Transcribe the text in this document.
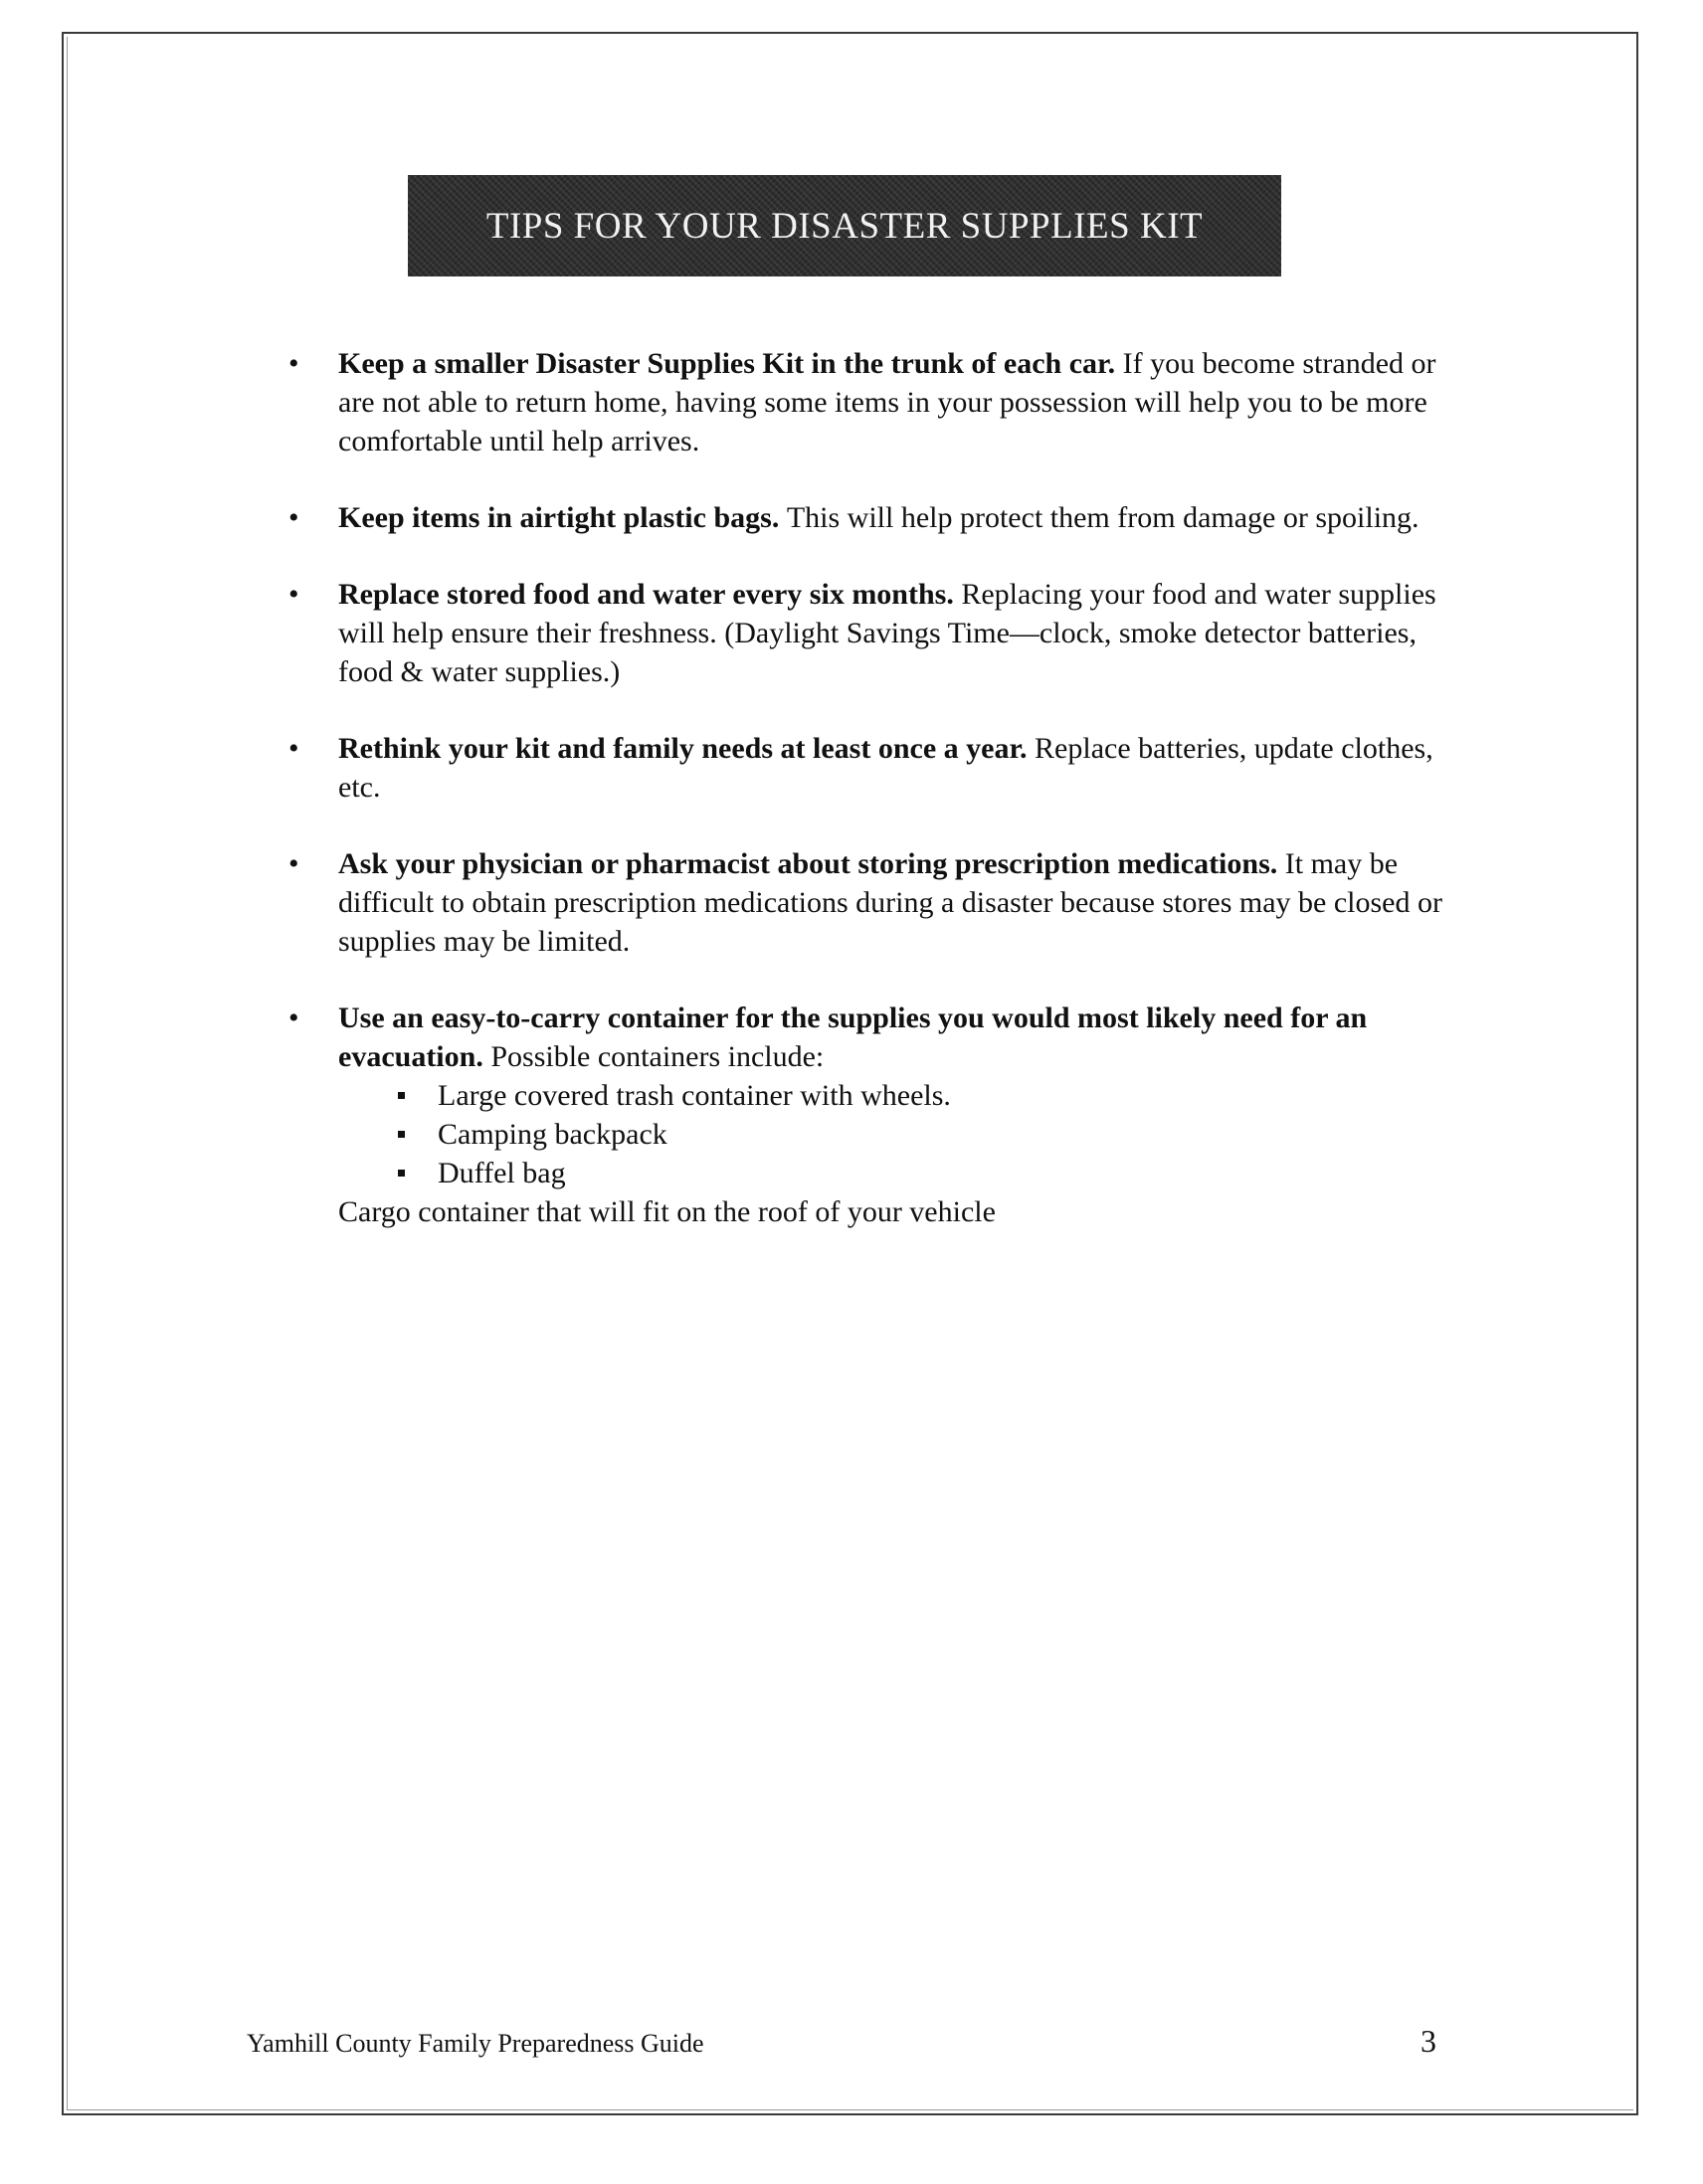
TIPS FOR YOUR DISASTER SUPPLIES KIT
• Keep a smaller Disaster Supplies Kit in the trunk of each car. If you become stranded or are not able to return home, having some items in your possession will help you to be more comfortable until help arrives.
• Keep items in airtight plastic bags. This will help protect them from damage or spoiling.
• Replace stored food and water every six months. Replacing your food and water supplies will help ensure their freshness. (Daylight Savings Time—clock, smoke detector batteries, food & water supplies.)
• Rethink your kit and family needs at least once a year. Replace batteries, update clothes, etc.
• Ask your physician or pharmacist about storing prescription medications. It may be difficult to obtain prescription medications during a disaster because stores may be closed or supplies may be limited.
• Use an easy-to-carry container for the supplies you would most likely need for an evacuation. Possible containers include:
Large covered trash container with wheels.
Camping backpack
Duffel bag
Cargo container that will fit on the roof of your vehicle
Yamhill County Family Preparedness Guide	3
